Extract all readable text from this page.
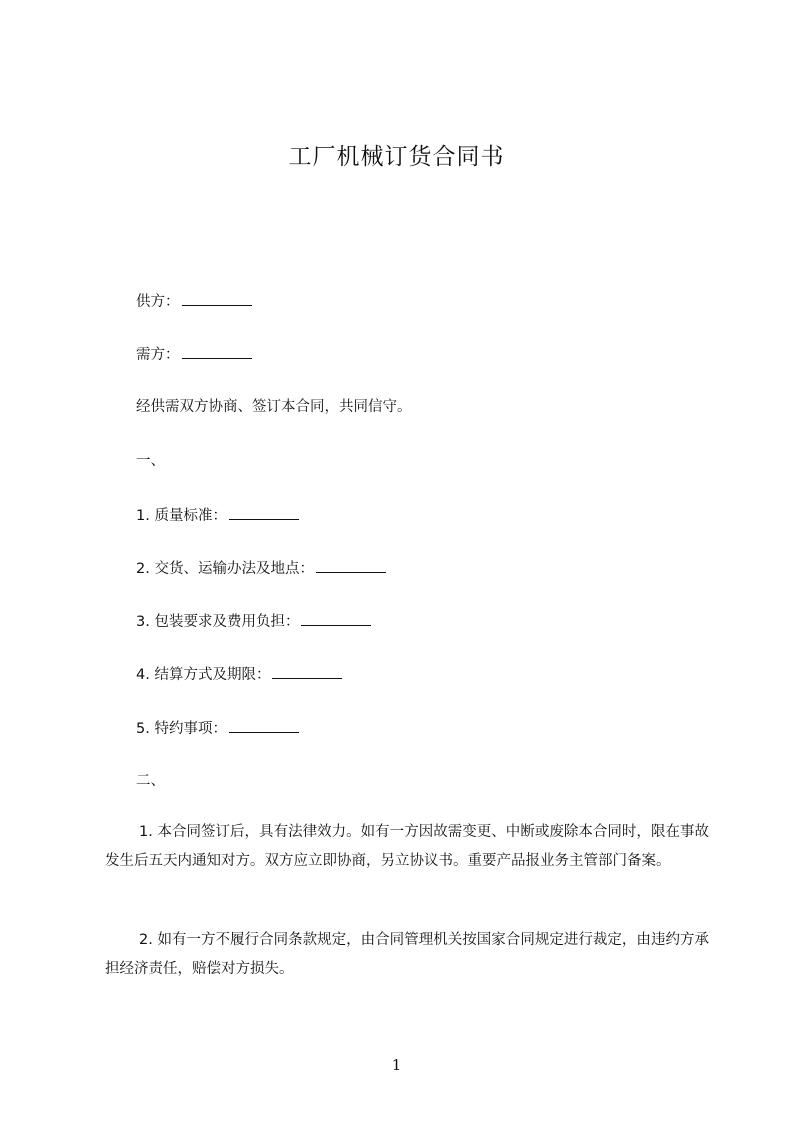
工厂机械订货合同书
供方：
需方：
经供需双方协商、签订本合同，共同信守。
一、
1. 质量标准：
2. 交货、运输办法及地点：
3. 包装要求及费用负担：
4. 结算方式及期限：
5. 特约事项：
二、
1. 本合同签订后，具有法律效力。如有一方因故需变更、中断或废除本合同时，限在事故发生后五天内通知对方。双方应立即协商，另立协议书。重要产品报业务主管部门备案。
2. 如有一方不履行合同条款规定，由合同管理机关按国家合同规定进行裁定，由违约方承担经济责任，赔偿对方损失。
1
